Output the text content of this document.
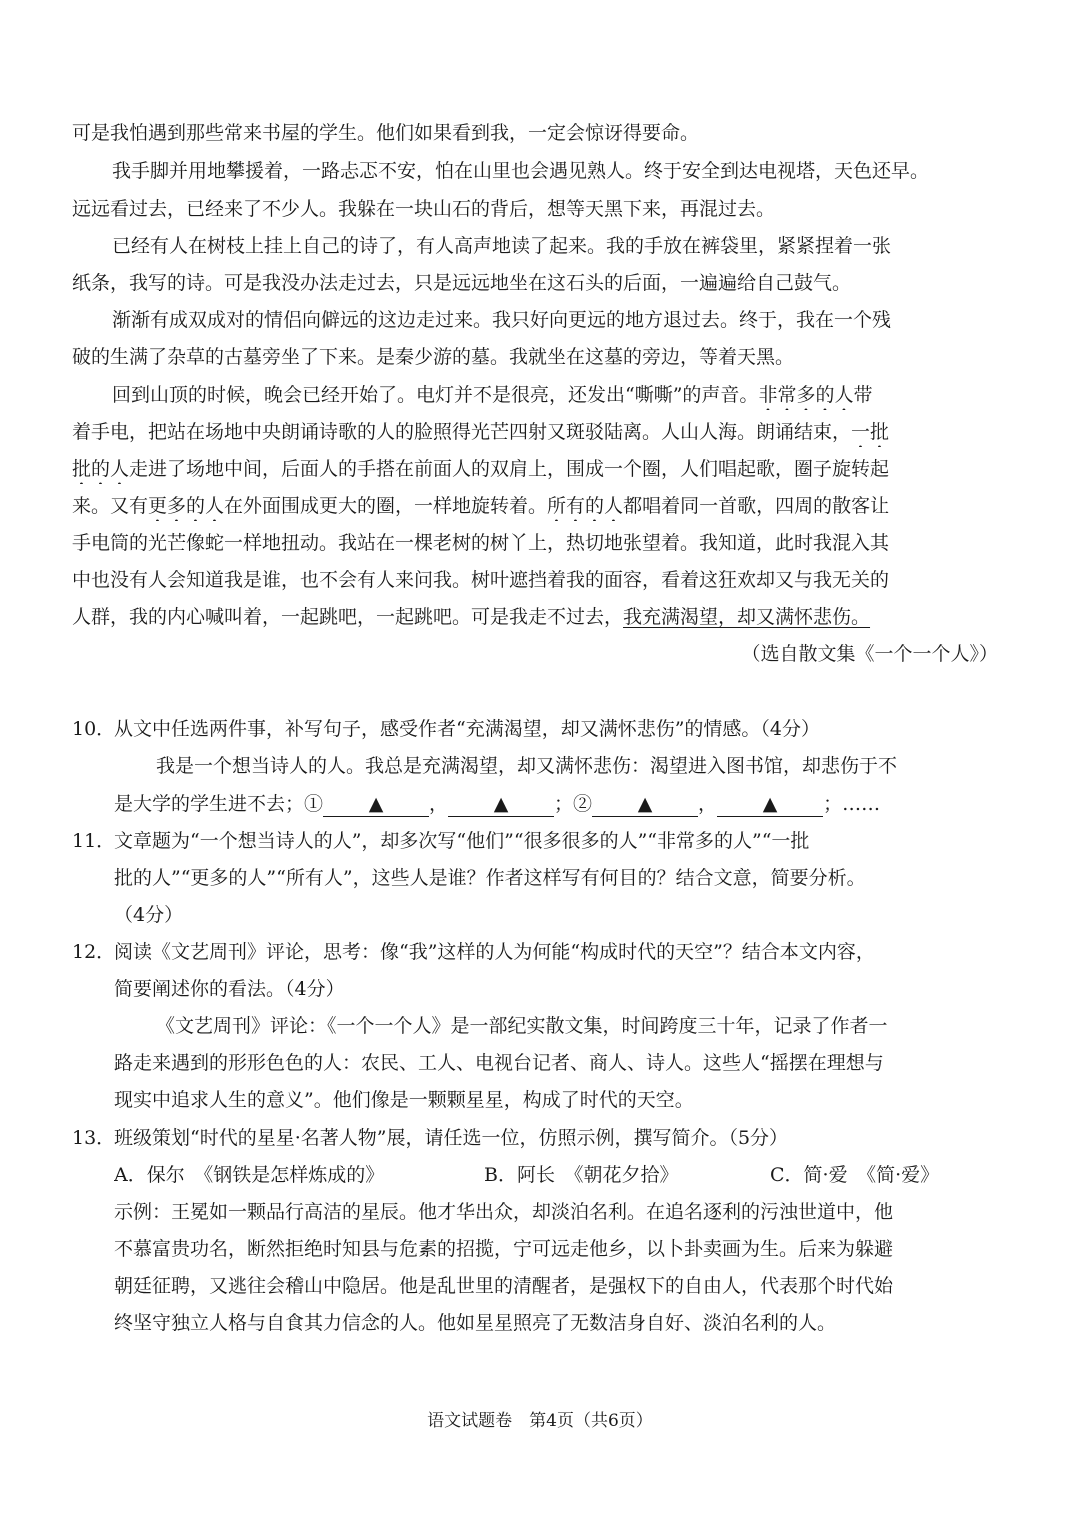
可是我怕遇到那些常来书屋的学生。他们如果看到我，一定会惊讶得要命。
我手脚并用地攀援着，一路忐忑不安，怕在山里也会遇见熟人。终于安全到达电视塔，天色还早。
远远看过去，已经来了不少人。我躲在一块山石的背后，想等天黑下来，再混过去。
已经有人在树枝上挂上自己的诗了，有人高声地读了起来。我的手放在裤袋里，紧紧捏着一张
纸条，我写的诗。可是我没办法走过去，只是远远地坐在这石头的后面，一遍遍给自己鼓气。
渐渐有成双成对的情侣向僻远的这边走过来。我只好向更远的地方退过去。终于，我在一个残
破的生满了杂草的古墓旁坐了下来。是秦少游的墓。我就坐在这墓的旁边，等着天黑。
回到山顶的时候，晚会已经开始了。电灯并不是很亮，还发出“嘶嘶”的声音。非常多的人带
着手电，把站在场地中央朗诵诗歌的人的脸照得光芒四射又斑驳陆离。人山人海。朗诵结束，一批
批的人走进了场地中间，后面人的手搭在前面人的双肩上，围成一个圈，人们唱起歌，圈子旋转起
来。又有更多的人在外面围成更大的圈，一样地旋转着。所有的人都唱着同一首歌，四周的散客让
手电筒的光芒像蛇一样地扭动。我站在一棵老树的树丫上，热切地张望着。我知道，此时我混入其
中也没有人会知道我是谁，也不会有人来问我。树叶遮挡着我的面容，看着这狂欢却又与我无关的
人群，我的内心喊叫着，一起跳吧，一起跳吧。可是我走不过去，我充满渴望，却又满怀悲伤。
（选自散文集《一个一个人》）
10．
从文中任选两件事，补写句子，感受作者“充满渴望，却又满怀悲伤”的情感。（4分）
我是一个想当诗人的人。我总是充满渴望，却又满怀悲伤：渴望进入图书馆，却悲伤于不
是大学的学生进不去；① ▲ ， ▲ ；② ▲ ， ▲ ；……
11．
文章题为“一个想当诗人的人”，却多次写“他们”“很多很多的人”“非常多的人”“一批
批的人”“更多的人”“所有人”，这些人是谁？作者这样写有何目的？结合文意，简要分析。
（4分）
12．
阅读《文艺周刊》评论，思考：像“我”这样的人为何能“构成时代的天空”？结合本文内容，
简要阐述你的看法。（4分）
《文艺周刊》评论：《一个一个人》是一部纪实散文集，时间跨度三十年，记录了作者一
路走来遇到的形形色色的人：农民、工人、电视台记者、商人、诗人。这些人“摇摆在理想与
现实中追求人生的意义”。他们像是一颗颗星星，构成了时代的天空。
13．
班级策划“时代的星星·名著人物”展，请任选一位，仿照示例，撰写简介。（5分）
A．保尔　《钢铁是怎样炼成的》	B．阿长　《朝花夕拾》	C．简·爱　《简·爱》
示例：王冕如一颗品行高洁的星辰。他才华出众，却淡泊名利。在追名逐利的污浊世道中，他
不慕富贵功名，断然拒绝时知县与危素的招揽，宁可远走他乡，以卜卦卖画为生。后来为躲避
朝廷征聘，又逃往会稽山中隐居。他是乱世里的清醒者，是强权下的自由人，代表那个时代始
终坚守独立人格与自食其力信念的人。他如星星照亮了无数洁身自好、淡泊名利的人。
语文试题卷　第4页（共6页）
